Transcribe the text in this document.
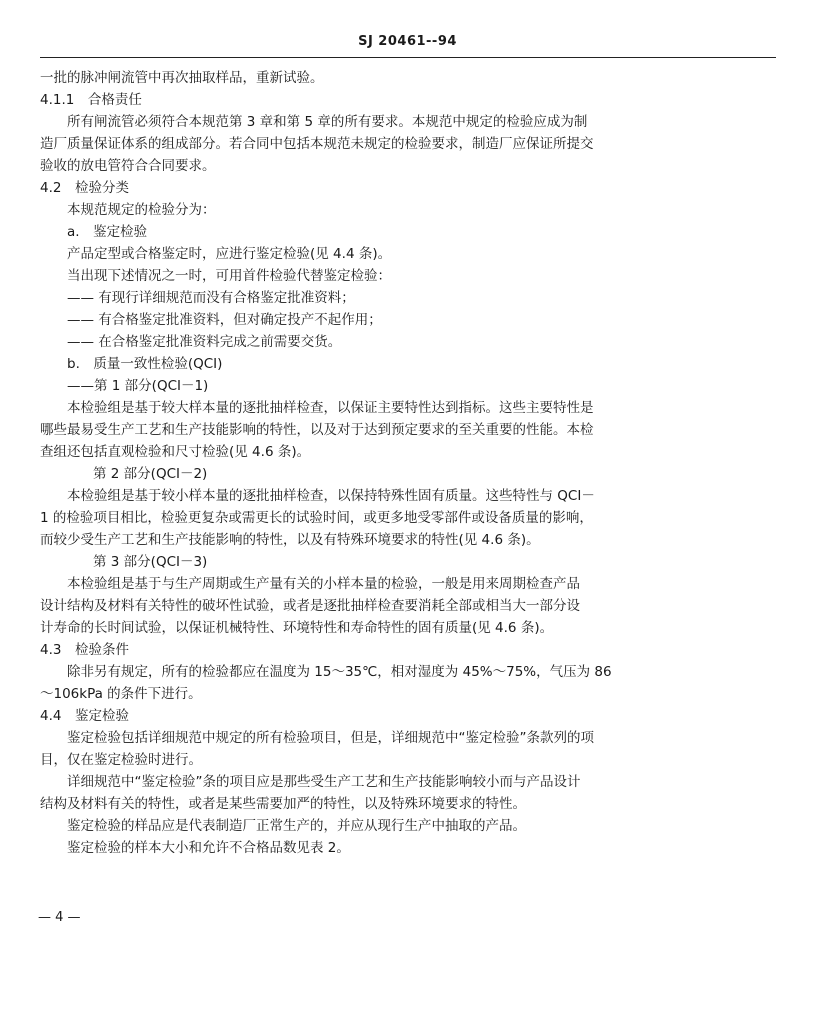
SJ 20461--94
一批的脉冲闸流管中再次抽取样品，重新试验。
4.1.1　合格责任
所有闸流管必须符合本规范第 3 章和第 5 章的所有要求。本规范中规定的检验应成为制
造厂质量保证体系的组成部分。若合同中包括本规范未规定的检验要求，制造厂应保证所提交
验收的放电管符合合同要求。
4.2　检验分类
本规范规定的检验分为：
a.　鉴定检验
产品定型或合格鉴定时，应进行鉴定检验(见 4.4 条)。
当出现下述情况之一时，可用首件检验代替鉴定检验：
—— 有现行详细规范而没有合格鉴定批准资料；
—— 有合格鉴定批准资料，但对确定投产不起作用；
—— 在合格鉴定批准资料完成之前需要交货。
b.　质量一致性检验(QCI)
——第 1 部分(QCI－1)
本检验组是基于较大样本量的逐批抽样检查，以保证主要特性达到指标。这些主要特性是
哪些最易受生产工艺和生产技能影响的特性，以及对于达到预定要求的至关重要的性能。本检
查组还包括直观检验和尺寸检验(见 4.6 条)。
第 2 部分(QCI－2)
本检验组是基于较小样本量的逐批抽样检查，以保持特殊性固有质量。这些特性与 QCI－
1 的检验项目相比，检验更复杂或需更长的试验时间，或更多地受零部件或设备质量的影响，
而较少受生产工艺和生产技能影响的特性，以及有特殊环境要求的特性(见 4.6 条)。
第 3 部分(QCI－3)
本检验组是基于与生产周期或生产量有关的小样本量的检验，一般是用来周期检查产品
设计结构及材料有关特性的破坏性试验，或者是逐批抽样检查要消耗全部或相当大一部分设
计寿命的长时间试验，以保证机械特性、环境特性和寿命特性的固有质量(见 4.6 条)。
4.3　检验条件
除非另有规定，所有的检验都应在温度为 15～35℃，相对湿度为 45%～75%，气压为 86
～106kPa 的条件下进行。
4.4　鉴定检验
鉴定检验包括详细规范中规定的所有检验项目，但是，详细规范中“鉴定检验”条款列的项
目，仅在鉴定检验时进行。
详细规范中“鉴定检验”条的项目应是那些受生产工艺和生产技能影响较小而与产品设计
结构及材料有关的特性，或者是某些需要加严的特性，以及特殊环境要求的特性。
鉴定检验的样品应是代表制造厂正常生产的，并应从现行生产中抽取的产品。
鉴定检验的样本大小和允许不合格品数见表 2。
— 4 —
